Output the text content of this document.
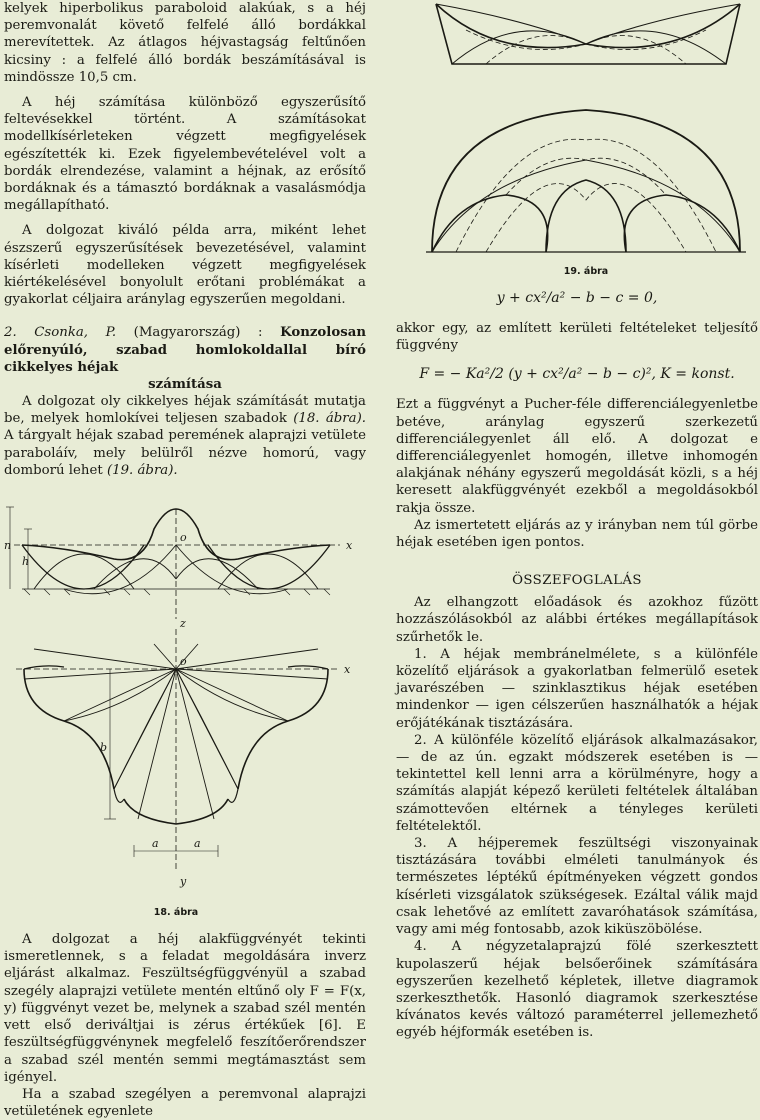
kelyek hiperbolikus paraboloid alakúak, s a héj peremvonalát követő felfelé álló bordákkal merevítettek. Az átlagos héjvastagság feltűnően kicsiny : a felfelé álló bordák beszámításával is mindössze 10,5 cm.

A héj számítása különböző egyszerűsítő feltevésekkel történt. A számításokat modellkísérleteken végzett megfigyelések egészítették ki. Ezek figyelembevételével volt a bordák elrendezése, valamint a héjnak, az erősítő bordáknak és a támasztó bordáknak a vasalásmódja megállapítható.

A dolgozat kiváló példa arra, miként lehet észszerű egyszerűsítések bevezetésével, valamint kísérleti modelleken végzett megfigyelések kiértékelésével bonyolult erőtani problémákat a gyakorlat céljaira aránylag egyszerűen megoldani.

2. Csonka, P. (Magyarország) : Konzolosan előrenyúló, szabad homlokoldallal bíró cikkelyes héjak

számítása

A dolgozat oly cikkelyes héjak számítását mutatja be, melyek homlokívei teljesen szabadok (18. ábra). A tárgyalt héjak szabad peremének alaprajzi vetülete paraboláív, mely belülről nézve homorú, vagy domború lehet (19. ábra).

x
z
o
n
h
x
o
b
a	a
y
18. ábra

A dolgozat a héj alakfüggvényét tekinti ismeretlennek, s a feladat megoldására inverz eljárást alkalmaz. Feszültségfüggvényül a szabad szegély alaprajzi vetülete mentén eltűnő oly F = F(x, y) függvényt vezet be, melynek a szabad szél mentén vett első deriváltjai is zérus értékűek [6]. E feszültségfüggvénynek megfelelő feszítőerőrendszer a szabad szél mentén semmi megtámasztást sem igényel.

Ha a szabad szegélyen a peremvonal alaprajzi vetületének egyenlete

19. ábra
y + cx²/a² − b − c = 0,

akkor egy, az említett kerületi feltételeket teljesítő függvény

F = − Ka²/2 (y + cx²/a² − b − c)², K = konst.

Ezt a függvényt a Pucher-féle differenciálegyenletbe betéve, aránylag egyszerű szerkezetű differenciálegyenlet áll elő. A dolgozat e differenciálegyenlet homogén, illetve inhomogén alakjának néhány egyszerű megoldását közli, s a héj keresett alakfüggvényét ezekből a megoldásokból rakja össze.

Az ismertetett eljárás az y irányban nem túl görbe héjak esetében igen pontos.

ÖSSZEFOGLALÁS

Az elhangzott előadások és azokhoz fűzött hozzászólásokból az alábbi értékes megállapítások szűrhetők le.

1. A héjak membránelmélete, s a különféle közelítő eljárások a gyakorlatban felmerülő esetek javarészében — szinklasztikus héjak esetében mindenkor — igen célszerűen használhatók a héjak erőjátékának tisztázására.

2. A különféle közelítő eljárások alkalmazásakor, — de az ún. egzakt módszerek esetében is — tekintettel kell lenni arra a körülményre, hogy a számítás alapját képező kerületi feltételek általában számottevően eltérnek a tényleges kerületi feltételektől.

3. A héjperemek feszültségi viszonyainak tisztázására további elméleti tanulmányok és természetes léptékű építményeken végzett gondos kísérleti vizsgálatok szükségesek. Ezáltal válik majd csak lehetővé az említett zavaróhatások számítása, vagy ami még fontosabb, azok kiküszöbölése.

4. A négyzetalaprajzú fölé szerkesztett kupolaszerű héjak belsőerőinek számítására egyszerűen kezelhető képletek, illetve diagramok szerkeszthetők. Hasonló diagramok szerkesztése kívánatos kevés változó paraméterrel jellemezhető egyéb héjformák esetében is.
